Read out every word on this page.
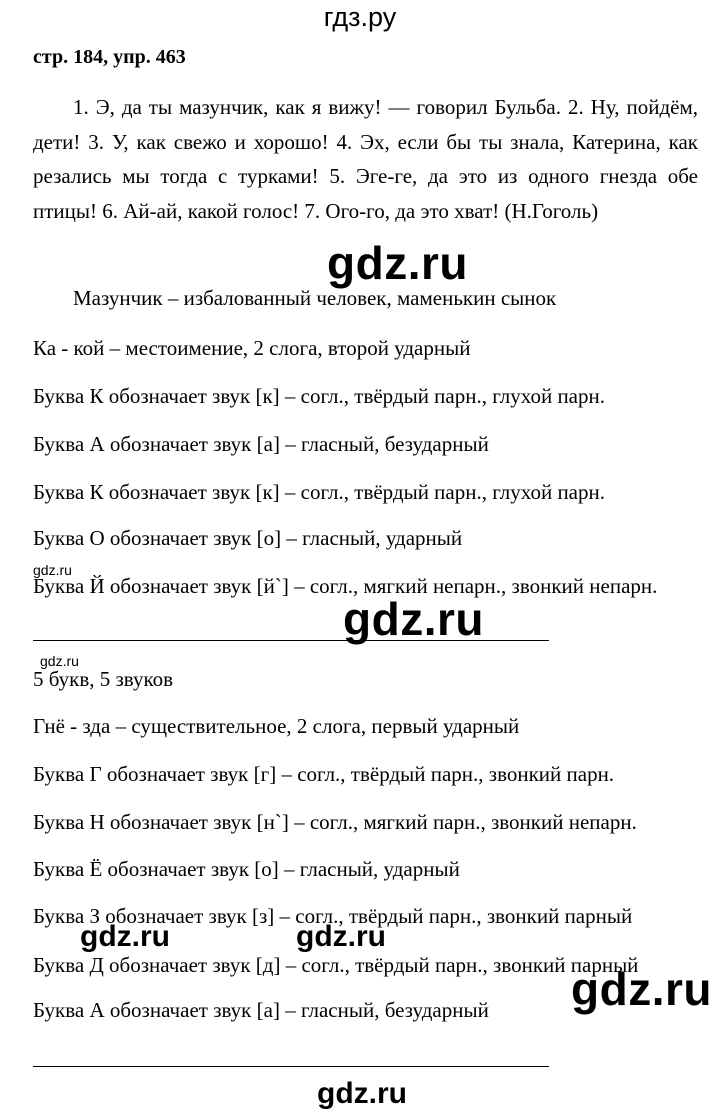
гдз.ру
стр. 184, упр. 463
1. Э, да ты мазунчик, как я вижу! — говорил Бульба. 2. Ну, пойдём, дети! 3. У, как свежо и хорошо! 4. Эх, если бы ты знала, Катерина, как резались мы тогда с турками! 5. Эге-ге, да это из одного гнезда обе птицы! 6. Ай-ай, какой голос! 7. Ого-го, да это хват! (Н.Гоголь)
Мазунчик – избалованный человек, маменькин сынок
Ка - кой – местоимение, 2 слога, второй ударный
Буква К обозначает звук [к] – согл., твёрдый парн., глухой парн.
Буква А обозначает звук [а] – гласный, безударный
Буква К обозначает звук [к] – согл., твёрдый парн., глухой парн.
Буква О обозначает звук [о] – гласный, ударный
Буква Й обозначает звук [й`] – согл., мягкий непарн., звонкий непарн.
5 букв, 5 звуков
Гнё - зда – существительное, 2 слога, первый ударный
Буква Г обозначает звук [г] – согл., твёрдый парн., звонкий парн.
Буква Н обозначает звук [н`] – согл., мягкий парн., звонкий непарн.
Буква Ё обозначает звук [о] – гласный, ударный
Буква З обозначает звук [з] – согл., твёрдый парн., звонкий парный
Буква Д обозначает звук [д] – согл., твёрдый парн., звонкий парный
Буква А обозначает звук [а] – гласный, безударный
gdz.ru
gdz.ru
gdz.ru
gdz.ru	gdz.ru
gdz.ru
gdz.ru
gdz.ru
